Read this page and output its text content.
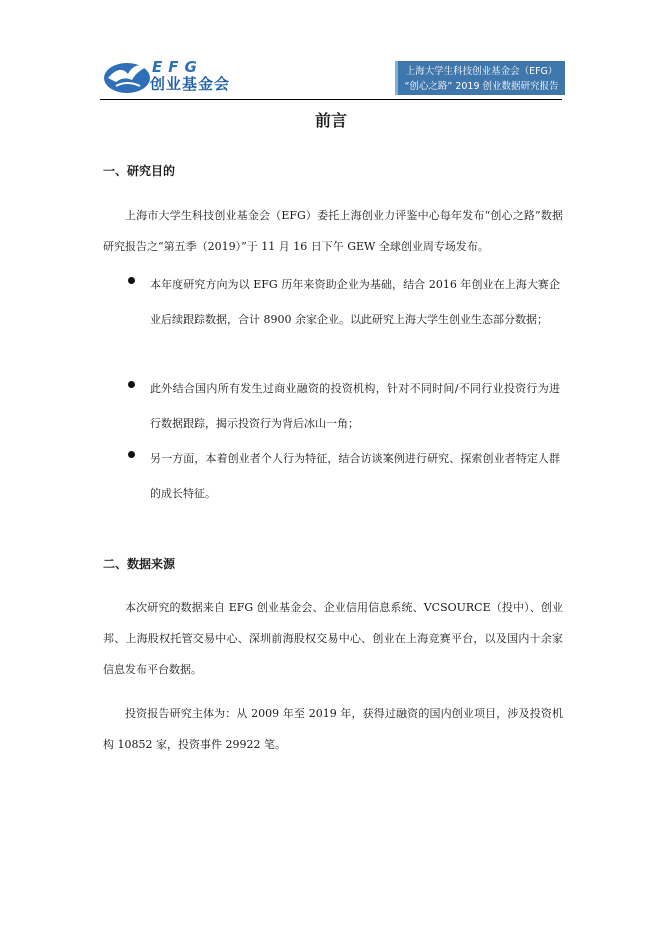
EFG
创业基金会
上海大学生科技创业基金会（EFG）
“创心之路” 2019 创业数据研究报告
前言
一、研究目的
上海市大学生科技创业基金会（EFG）委托上海创业力评鉴中心每年发布“创心之路”数据研究报告之“第五季（2019）”于 11 月 16 日下午 GEW 全球创业周专场发布。
本年度研究方向为以 EFG 历年来资助企业为基础，结合 2016 年创业在上海大赛企业后续跟踪数据，合计 8900 余家企业。以此研究上海大学生创业生态部分数据；
此外结合国内所有发生过商业融资的投资机构，针对不同时间/不同行业投资行为进行数据跟踪，揭示投资行为背后冰山一角；
另一方面，本着创业者个人行为特征，结合访谈案例进行研究、探索创业者特定人群的成长特征。
二、数据来源
本次研究的数据来自 EFG 创业基金会、企业信用信息系统、VCSOURCE（投中）、创业邦、上海股权托管交易中心、深圳前海股权交易中心、创业在上海竞赛平台，以及国内十余家信息发布平台数据。
投资报告研究主体为：从 2009 年至 2019 年，获得过融资的国内创业项目，涉及投资机构 10852 家，投资事件 29922 笔。
